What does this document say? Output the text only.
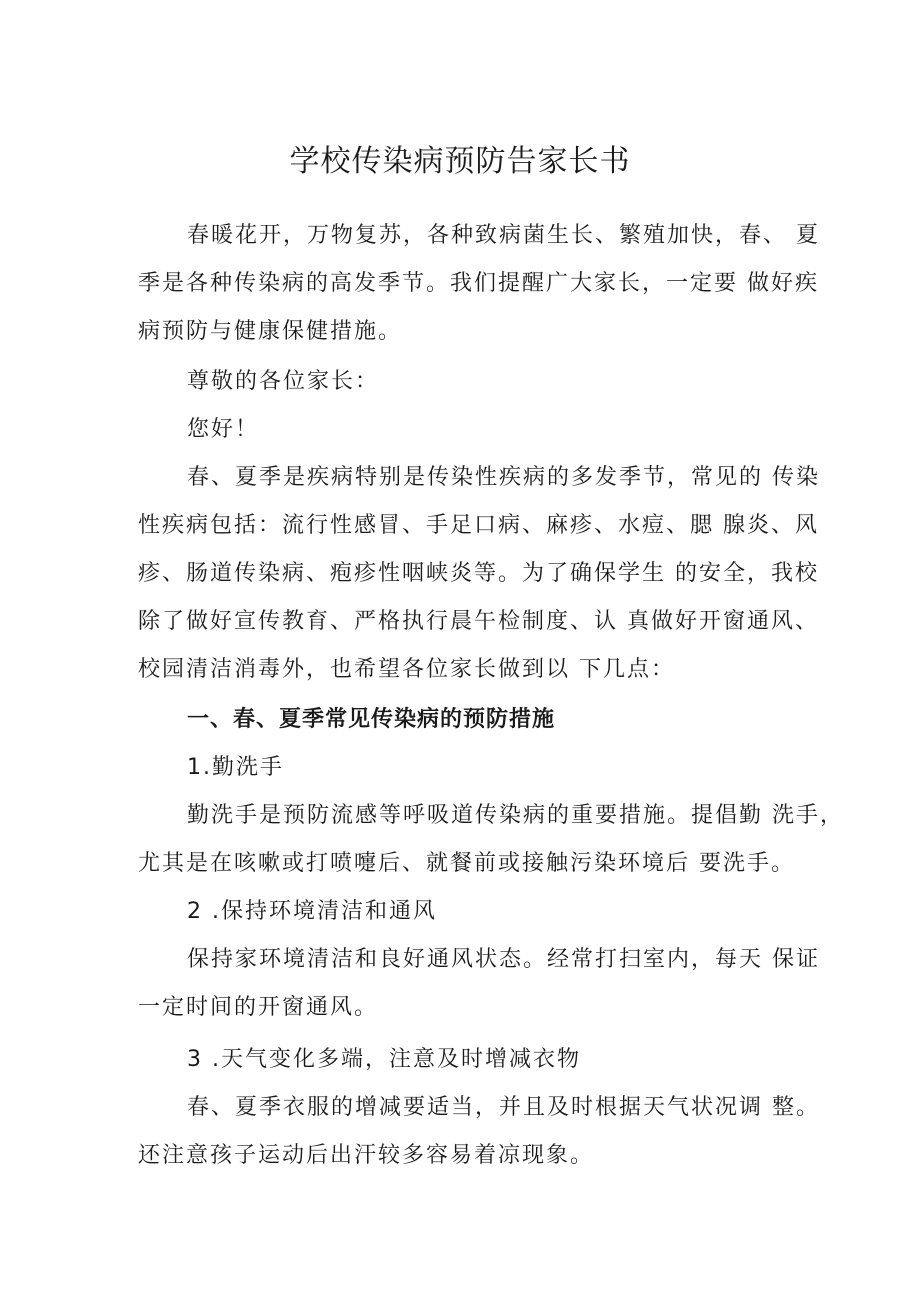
学校传染病预防告家长书

春暖花开，万物复苏，各种致病菌生长、繁殖加快，春、 夏

季是各种传染病的高发季节。我们提醒广大家长，一定要 做好疾

病预防与健康保健措施。

尊敬的各位家长：

您好！

春、夏季是疾病特别是传染性疾病的多发季节，常见的 传染

性疾病包括：流行性感冒、手足口病、麻疹、水痘、腮 腺炎、风

疹、肠道传染病、疱疹性咽峡炎等。为了确保学生 的安全，我校

除了做好宣传教育、严格执行晨午检制度、认 真做好开窗通风、

校园清洁消毒外，也希望各位家长做到以 下几点：

一、春、夏季常见传染病的预防措施

1.勤洗手

勤洗手是预防流感等呼吸道传染病的重要措施。提倡勤 洗手，

尤其是在咳嗽或打喷嚏后、就餐前或接触污染环境后 要洗手。

2 .保持环境清洁和通风

保持家环境清洁和良好通风状态。经常打扫室内，每天 保证

一定时间的开窗通风。

3 .天气变化多端，注意及时增减衣物

春、夏季衣服的增减要适当，并且及时根据天气状况调 整。

还注意孩子运动后出汗较多容易着凉现象。
